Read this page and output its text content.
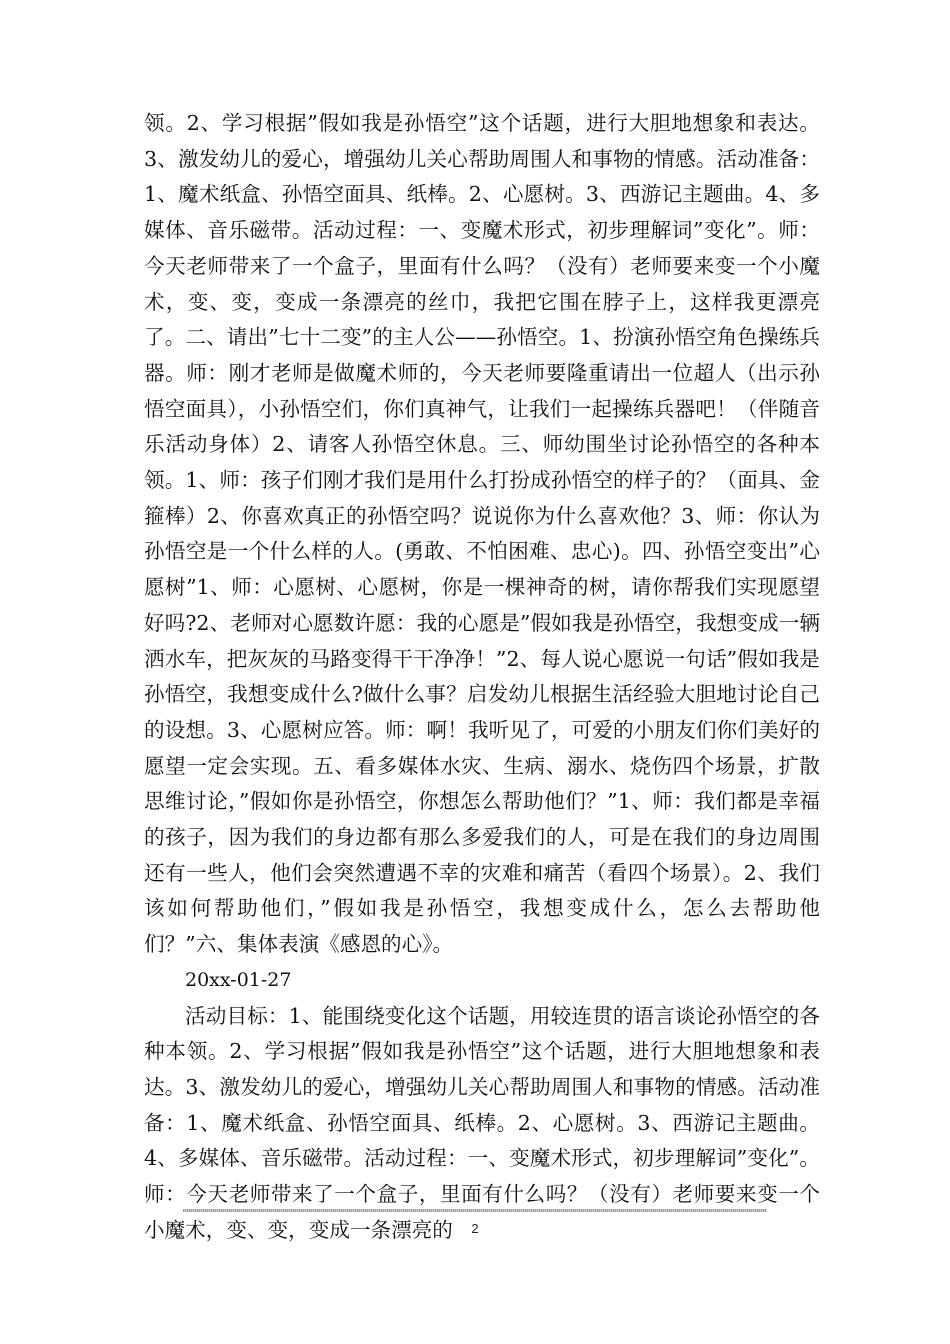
领。2、学习根据”假如我是孙悟空”这个话题，进行大胆地想象和表达。3、激发幼儿的爱心，增强幼儿关心帮助周围人和事物的情感。活动准备：1、魔术纸盒、孙悟空面具、纸棒。2、心愿树。3、西游记主题曲。4、多媒体、音乐磁带。活动过程：一、变魔术形式，初步理解词”变化”。师：今天老师带来了一个盒子，里面有什么吗？（没有）老师要来变一个小魔术，变、变，变成一条漂亮的丝巾，我把它围在脖子上，这样我更漂亮了。二、请出”七十二变”的主人公——孙悟空。1、扮演孙悟空角色操练兵器。师：刚才老师是做魔术师的，今天老师要隆重请出一位超人（出示孙悟空面具），小孙悟空们，你们真神气，让我们一起操练兵器吧！（伴随音乐活动身体）2、请客人孙悟空休息。三、师幼围坐讨论孙悟空的各种本领。1、师：孩子们刚才我们是用什么打扮成孙悟空的样子的？（面具、金箍棒）2、你喜欢真正的孙悟空吗？说说你为什么喜欢他？3、师：你认为孙悟空是一个什么样的人。(勇敢、不怕困难、忠心)。四、孙悟空变出”心愿树”1、师：心愿树、心愿树，你是一棵神奇的树，请你帮我们实现愿望好吗?2、老师对心愿数许愿：我的心愿是”假如我是孙悟空，我想变成一辆洒水车，把灰灰的马路变得干干净净！”2、每人说心愿说一句话”假如我是孙悟空，我想变成什么?做什么事？启发幼儿根据生活经验大胆地讨论自己的设想。3、心愿树应答。师：啊！我听见了，可爱的小朋友们你们美好的愿望一定会实现。五、看多媒体水灾、生病、溺水、烧伤四个场景，扩散思维讨论，”假如你是孙悟空，你想怎么帮助他们？”1、师：我们都是幸福的孩子，因为我们的身边都有那么多爱我们的人，可是在我们的身边周围还有一些人，他们会突然遭遇不幸的灾难和痛苦（看四个场景）。2、我们该如何帮助他们，”假如我是孙悟空，我想变成什么，怎么去帮助他们？”六、集体表演《感恩的心》。

20xx-01-27

活动目标：1、能围绕变化这个话题，用较连贯的语言谈论孙悟空的各种本领。2、学习根据”假如我是孙悟空”这个话题，进行大胆地想象和表达。3、激发幼儿的爱心，增强幼儿关心帮助周围人和事物的情感。活动准备：1、魔术纸盒、孙悟空面具、纸棒。2、心愿树。3、西游记主题曲。4、多媒体、音乐磁带。活动过程：一、变魔术形式，初步理解词”变化”。师：今天老师带来了一个盒子，里面有什么吗？（没有）老师要来变一个小魔术，变、变，变成一条漂亮的	2
